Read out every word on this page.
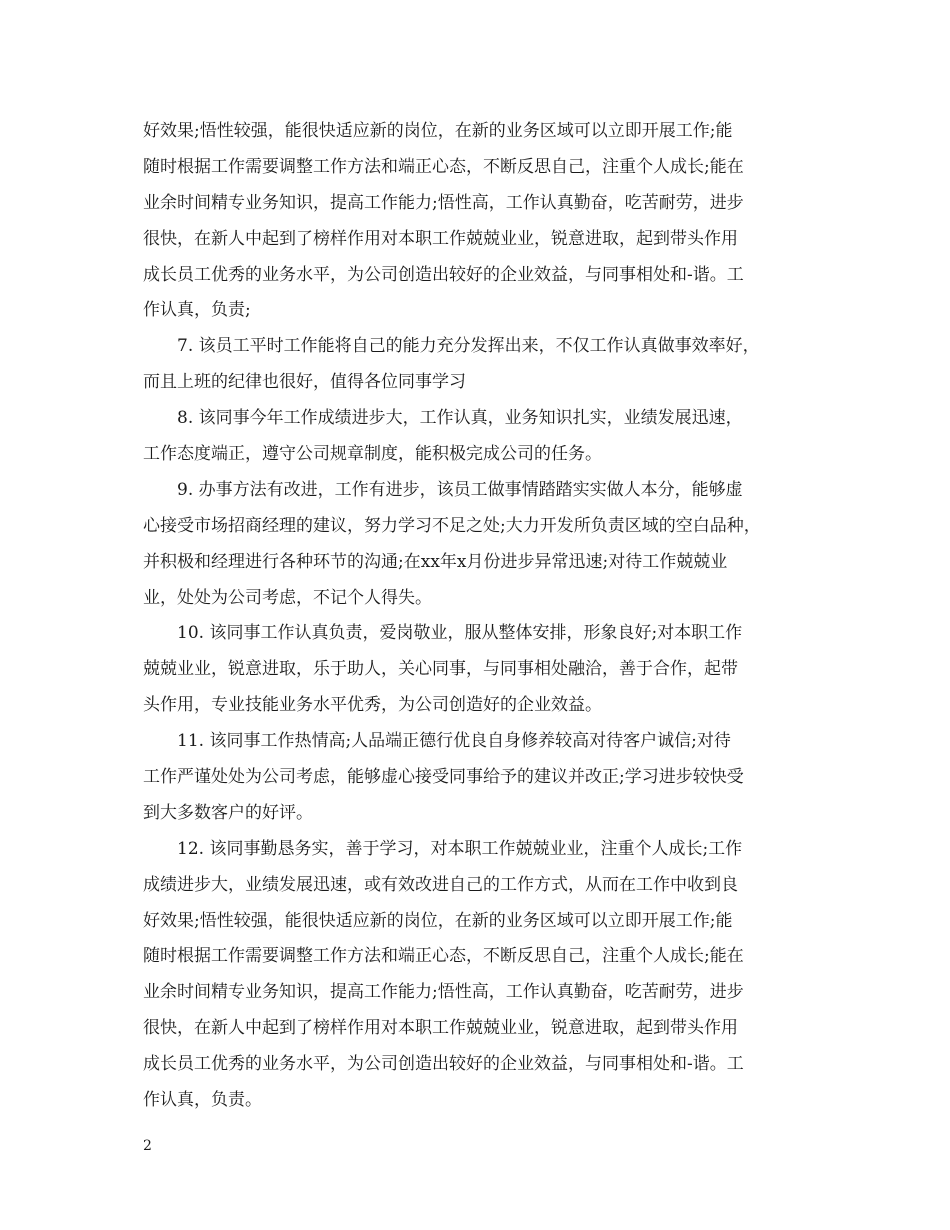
好效果;悟性较强，能很快适应新的岗位，在新的业务区域可以立即开展工作;能
随时根据工作需要调整工作方法和端正心态，不断反思自己，注重个人成长;能在
业余时间精专业务知识，提高工作能力;悟性高，工作认真勤奋，吃苦耐劳，进步
很快，在新人中起到了榜样作用对本职工作兢兢业业，锐意进取，起到带头作用
成长员工优秀的业务水平，为公司创造出较好的企业效益，与同事相处和-谐。工
作认真，负责;
7. 该员工平时工作能将自己的能力充分发挥出来，不仅工作认真做事效率好，
而且上班的纪律也很好，值得各位同事学习
8. 该同事今年工作成绩进步大，工作认真，业务知识扎实，业绩发展迅速，
工作态度端正，遵守公司规章制度，能积极完成公司的任务。
9. 办事方法有改进，工作有进步，该员工做事情踏踏实实做人本分，能够虚
心接受市场招商经理的建议，努力学习不足之处;大力开发所负责区域的空白品种，
并积极和经理进行各种环节的沟通;在xx年x月份进步异常迅速;对待工作兢兢业
业，处处为公司考虑，不记个人得失。
10. 该同事工作认真负责，爱岗敬业，服从整体安排，形象良好;对本职工作
兢兢业业，锐意进取，乐于助人，关心同事，与同事相处融洽，善于合作，起带
头作用，专业技能业务水平优秀，为公司创造好的企业效益。
11. 该同事工作热情高;人品端正德行优良自身修养较高对待客户诚信;对待
工作严谨处处为公司考虑，能够虚心接受同事给予的建议并改正;学习进步较快受
到大多数客户的好评。
12. 该同事勤恳务实，善于学习，对本职工作兢兢业业，注重个人成长;工作
成绩进步大，业绩发展迅速，或有效改进自己的工作方式，从而在工作中收到良
好效果;悟性较强，能很快适应新的岗位，在新的业务区域可以立即开展工作;能
随时根据工作需要调整工作方法和端正心态，不断反思自己，注重个人成长;能在
业余时间精专业务知识，提高工作能力;悟性高，工作认真勤奋，吃苦耐劳，进步
很快，在新人中起到了榜样作用对本职工作兢兢业业，锐意进取，起到带头作用
成长员工优秀的业务水平，为公司创造出较好的企业效益，与同事相处和-谐。工
作认真，负责。
2
